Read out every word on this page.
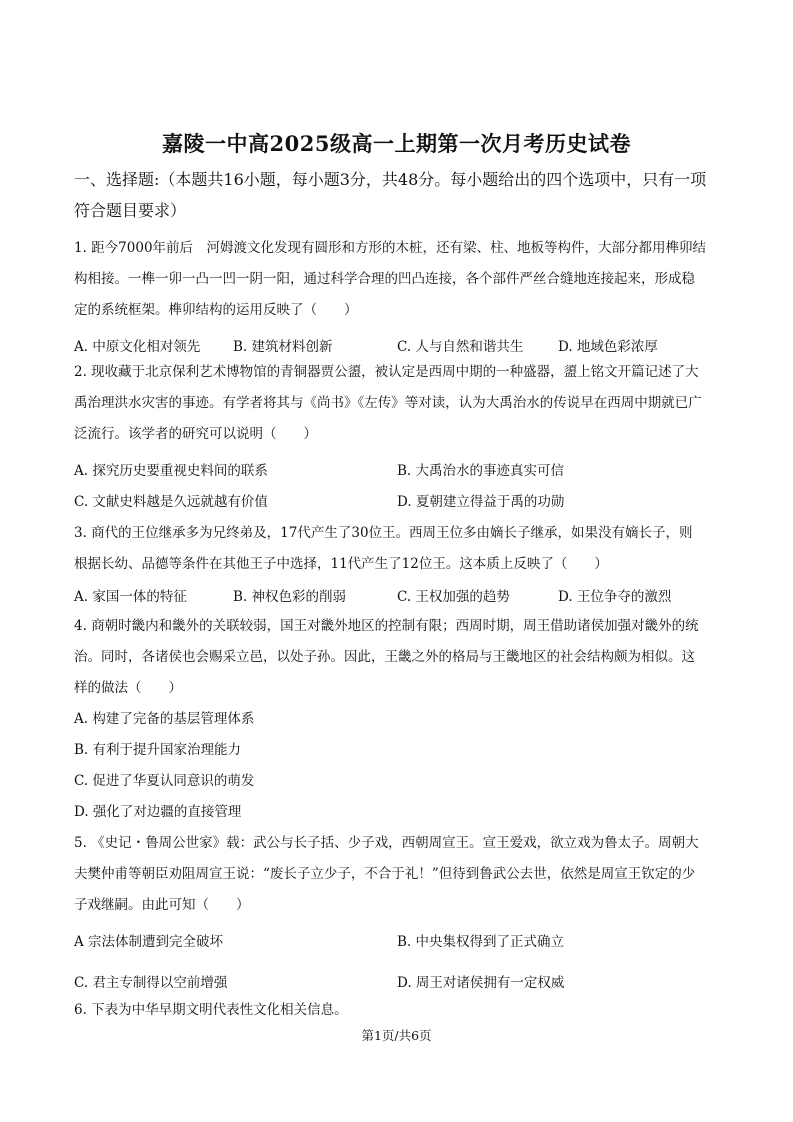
嘉陵一中高2025级高一上期第一次月考历史试卷
一、选择题:（本题共16小题，每小题3分，共48分。每小题给出的四个选项中，只有一项
符合题目要求）
1. 距今7000年前后　河姆渡文化发现有圆形和方形的木桩，还有梁、柱、地板等构件，大部分都用榫卯结
构相接。一榫一卯一凸一凹一阴一阳，通过科学合理的凹凸连接，各个部件严丝合缝地连接起来，形成稳
定的系统框架。榫卯结构的运用反映了（　　）
A. 中原文化相对领先 B. 建筑材料创新	C. 人与自然和谐共生	D. 地域色彩浓厚
2. 现收藏于北京保利艺术博物馆的青铜器贾公盨，被认定是西周中期的一种盛器，盨上铭文开篇记述了大
禹治理洪水灾害的事迹。有学者将其与《尚书》《左传》等对读，认为大禹治水的传说早在西周中期就已广
泛流行。该学者的研究可以说明（　　）
A. 探究历史要重视史料间的联系	B. 大禹治水的事迹真实可信
C. 文献史料越是久远就越有价值	D. 夏朝建立得益于禹的功勋
3. 商代的王位继承多为兄终弟及，17代产生了30位王。西周王位多由嫡长子继承，如果没有嫡长子，则
根据长幼、品德等条件在其他王子中选择，11代产生了12位王。这本质上反映了（　　）
A. 家国一体的特征	B. 神权色彩的削弱	C. 王权加强的趋势	D. 王位争夺的激烈
4. 商朝时畿内和畿外的关联较弱，国王对畿外地区的控制有限；西周时期，周王借助诸侯加强对畿外的统
治。同时，各诸侯也会赐采立邑，以处子孙。因此，王畿之外的格局与王畿地区的社会结构颇为相似。这
样的做法（　　）
A. 构建了完备的基层管理体系
B. 有利于提升国家治理能力
C. 促进了华夏认同意识的萌发
D. 强化了对边疆的直接管理
5. 《史记・鲁周公世家》载：武公与长子括、少子戏，西朝周宣王。宣王爱戏，欲立戏为鲁太子。周朝大
夫樊仲甫等朝臣劝阻周宣王说：“废长子立少子，不合于礼！”但待到鲁武公去世，依然是周宣王钦定的少
子戏继嗣。由此可知（　　）
A 宗法体制遭到完全破坏	B. 中央集权得到了正式确立
C. 君主专制得以空前增强	D. 周王对诸侯拥有一定权威
6. 下表为中华早期文明代表性文化相关信息。
第1页/共6页
